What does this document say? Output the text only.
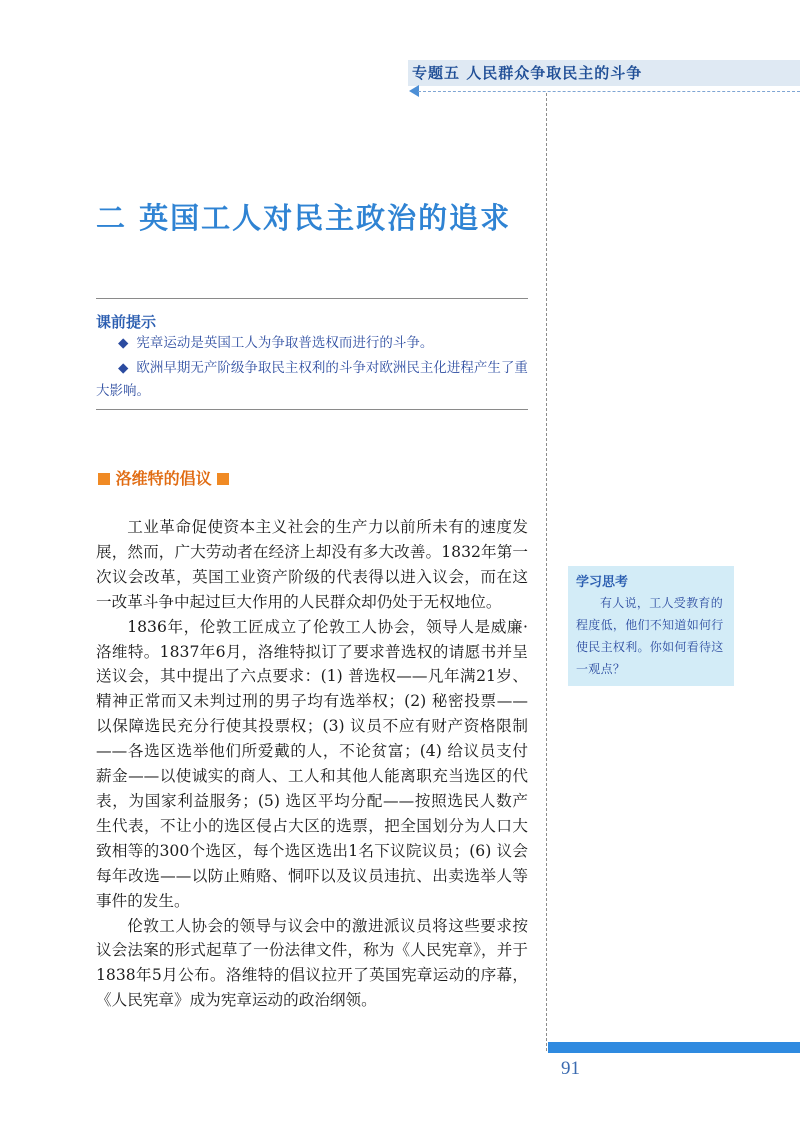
专题五 人民群众争取民主的斗争
二 英国工人对民主政治的追求
课前提示
◆ 宪章运动是英国工人为争取普选权而进行的斗争。
◆ 欧洲早期无产阶级争取民主权利的斗争对欧洲民主化进程产生了重大影响。
洛维特的倡议

工业革命促使资本主义社会的生产力以前所未有的速度发展，然而，广大劳动者在经济上却没有多大改善。1832年第一次议会改革，英国工业资产阶级的代表得以进入议会，而在这一改革斗争中起过巨大作用的人民群众却仍处于无权地位。

1836年，伦敦工匠成立了伦敦工人协会，领导人是威廉·洛维特。1837年6月，洛维特拟订了要求普选权的请愿书并呈送议会，其中提出了六点要求：(1) 普选权——凡年满21岁、精神正常而又未判过刑的男子均有选举权；(2) 秘密投票——以保障选民充分行使其投票权；(3) 议员不应有财产资格限制——各选区选举他们所爱戴的人，不论贫富；(4) 给议员支付薪金——以使诚实的商人、工人和其他人能离职充当选区的代表，为国家利益服务；(5) 选区平均分配——按照选民人数产生代表，不让小的选区侵占大区的选票，把全国划分为人口大致相等的300个选区，每个选区选出1名下议院议员；(6) 议会每年改选——以防止贿赂、恫吓以及议员违抗、出卖选举人等事件的发生。

伦敦工人协会的领导与议会中的激进派议员将这些要求按议会法案的形式起草了一份法律文件，称为《人民宪章》，并于1838年5月公布。洛维特的倡议拉开了英国宪章运动的序幕，《人民宪章》成为宪章运动的政治纲领。

学习思考
有人说，工人受教育的程度低，他们不知道如何行使民主权利。你如何看待这一观点？
91
